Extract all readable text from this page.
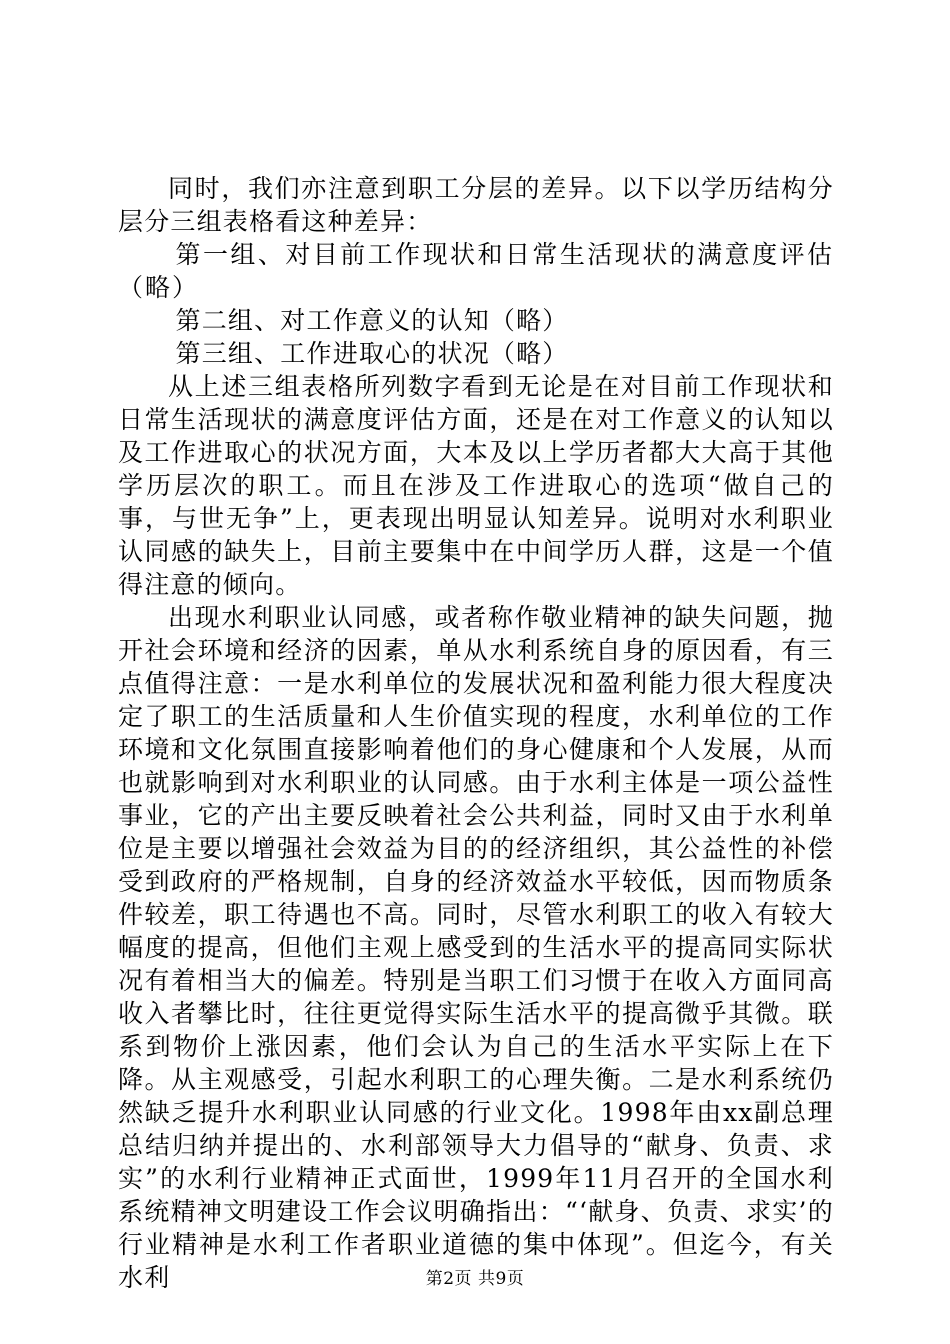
同时，我们亦注意到职工分层的差异。以下以学历结构分层分三组表格看这种差异：

第一组、对目前工作现状和日常生活现状的满意度评估（略）

第二组、对工作意义的认知（略）

第三组、工作进取心的状况（略）

从上述三组表格所列数字看到无论是在对目前工作现状和日常生活现状的满意度评估方面，还是在对工作意义的认知以及工作进取心的状况方面，大本及以上学历者都大大高于其他学历层次的职工。而且在涉及工作进取心的选项“做自己的事，与世无争”上，更表现出明显认知差异。说明对水利职业认同感的缺失上，目前主要集中在中间学历人群，这是一个值得注意的倾向。

出现水利职业认同感，或者称作敬业精神的缺失问题，抛开社会环境和经济的因素，单从水利系统自身的原因看，有三点值得注意：一是水利单位的发展状况和盈利能力很大程度决定了职工的生活质量和人生价值实现的程度，水利单位的工作环境和文化氛围直接影响着他们的身心健康和个人发展，从而也就影响到对水利职业的认同感。由于水利主体是一项公益性事业，它的产出主要反映着社会公共利益，同时又由于水利单位是主要以增强社会效益为目的的经济组织，其公益性的补偿受到政府的严格规制，自身的经济效益水平较低，因而物质条件较差，职工待遇也不高。同时，尽管水利职工的收入有较大幅度的提高，但他们主观上感受到的生活水平的提高同实际状况有着相当大的偏差。特别是当职工们习惯于在收入方面同高收入者攀比时，往往更觉得实际生活水平的提高微乎其微。联系到物价上涨因素，他们会认为自己的生活水平实际上在下降。从主观感受，引起水利职工的心理失衡。二是水利系统仍然缺乏提升水利职业认同感的行业文化。1998年由xx副总理总结归纳并提出的、水利部领导大力倡导的“献身、负责、求实”的水利行业精神正式面世，1999年11月召开的全国水利系统精神文明建设工作会议明确指出：“‘献身、负责、求实’的行业精神是水利工作者职业道德的集中体现”。但迄今，有关水利	第2页 共9页
